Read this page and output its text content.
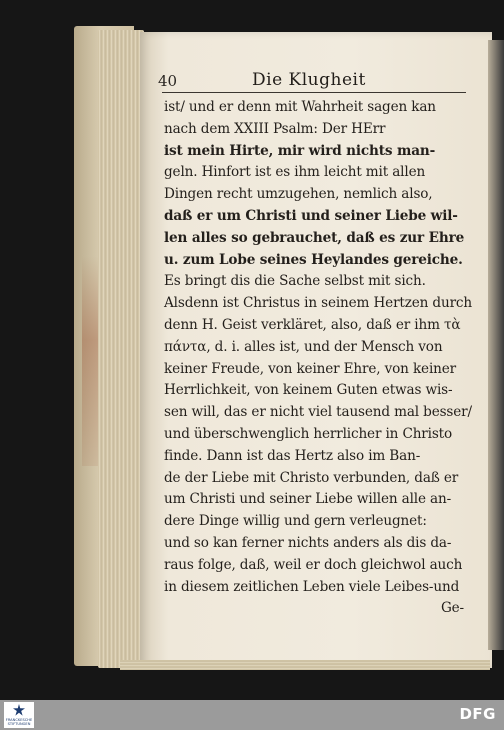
40	Die Klugheit
ist/ und er denn mit Wahrheit sagen kan
nach dem XXIII Psalm: Der HErr
ist mein Hirte, mir wird nichts man-
geln. Hinfort ist es ihm leicht mit allen
Dingen recht umzugehen, nemlich also,
daß er um Christi und seiner Liebe wil-
len alles so gebrauchet, daß es zur Ehre
u. zum Lobe seines Heylandes gereiche.
Es bringt dis die Sache selbst mit sich.
Alsdenn ist Christus in seinem Hertzen durch
denn H. Geist verkläret, also, daß er ihm τὰ
πάντα, d. i. alles ist, und der Mensch von
keiner Freude, von keiner Ehre, von keiner
Herrlichkeit, von keinem Guten etwas wis-
sen will, das er nicht viel tausend mal besser/
und überschwenglich herrlicher in Christo
finde. Dann ist das Hertz also im Ban-
de der Liebe mit Christo verbunden, daß er
um Christi und seiner Liebe willen alle an-
dere Dinge willig und gern verleugnet:
und so kan ferner nichts anders als dis da-
raus folge, daß, weil er doch gleichwol auch
in diesem zeitlichen Leben viele Leibes-und
Ge-
FRANCKESCHE
STIFTUNGEN
DFG
